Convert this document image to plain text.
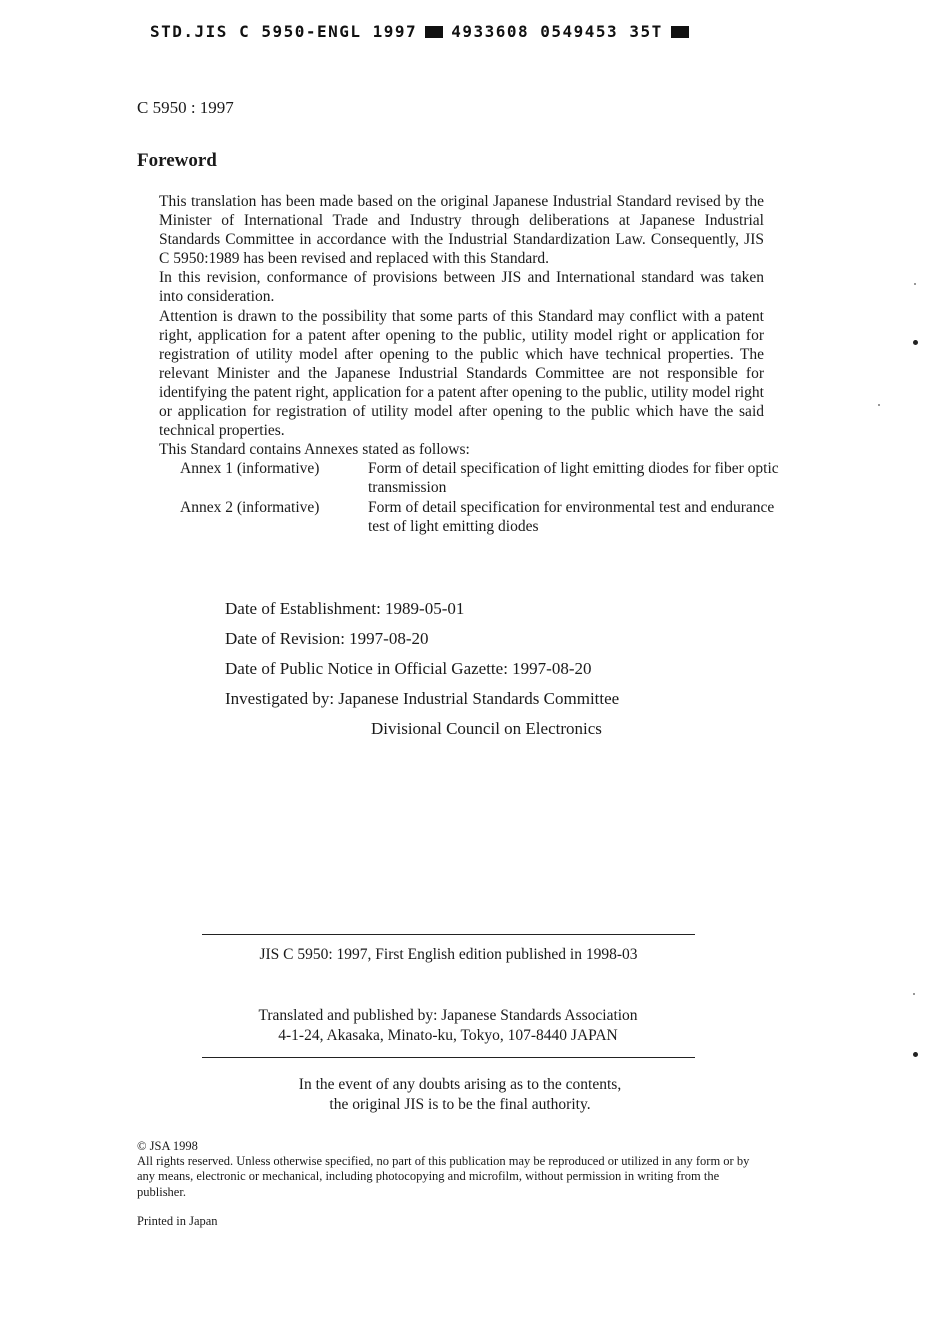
STD.JIS C 5950-ENGL 1997 4933608 0549453 35T
C 5950 : 1997
Foreword

This translation has been made based on the original Japanese Industrial Standard revised by the Minister of International Trade and Industry through deliberations at Japanese Industrial Standards Committee in accordance with the Industrial Standardization Law. Consequently, JIS C 5950:1989 has been revised and replaced with this Standard.

In this revision, conformance of provisions between JIS and International standard was taken into consideration.

Attention is drawn to the possibility that some parts of this Standard may conflict with a patent right, application for a patent after opening to the public, utility model right or application for registration of utility model after opening to the public which have technical properties. The relevant Minister and the Japanese Industrial Standards Committee are not responsible for identifying the patent right, application for a patent after opening to the public, utility model right or application for registration of utility model after opening to the public which have the said technical properties.

This Standard contains Annexes stated as follows:

Annex 1 (informative)	Form of detail specification of light emitting diodes for fiber optic transmission
Annex 2 (informative)	Form of detail specification for environmental test and endurance test of light emitting diodes
Date of Establishment: 1989-05-01
Date of Revision: 1997-08-20
Date of Public Notice in Official Gazette: 1997-08-20
Investigated by: Japanese Industrial Standards Committee
Divisional Council on Electronics
JIS C 5950: 1997, First English edition published in 1998-03
Translated and published by: Japanese Standards Association
4-1-24, Akasaka, Minato-ku, Tokyo, 107-8440 JAPAN
In the event of any doubts arising as to the contents,
the original JIS is to be the final authority.
© JSA 1998
All rights reserved. Unless otherwise specified, no part of this publication may be reproduced or utilized in any form or by any means, electronic or mechanical, including photocopying and microfilm, without permission in writing from the publisher.
Printed in Japan
